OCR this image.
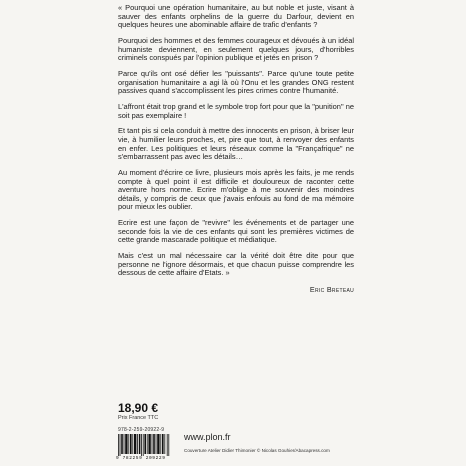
« Pourquoi une opération humanitaire, au but noble et juste, visant à sauver des enfants orphelins de la guerre du Darfour, devient en quelques heures une abominable affaire de trafic d'enfants ?

Pourquoi des hommes et des femmes courageux et dévoués à un idéal humaniste deviennent, en seulement quelques jours, d'horribles criminels conspués par l'opinion publique et jetés en prison ?

Parce qu'ils ont osé défier les "puissants". Parce qu'une toute petite organisation humanitaire a agi là où l'Onu et les grandes ONG restent passives quand s'accomplissent les pires crimes contre l'humanité.

L'affront était trop grand et le symbole trop fort pour que la "punition" ne soit pas exemplaire !

Et tant pis si cela conduit à mettre des innocents en prison, à briser leur vie, à humilier leurs proches, et, pire que tout, à renvoyer des enfants en enfer. Les politiques et leurs réseaux comme la "Françafrique" ne s'embarrassent pas avec les détails…

Au moment d'écrire ce livre, plusieurs mois après les faits, je me rends compte à quel point il est difficile et douloureux de raconter cette aventure hors norme. Ecrire m'oblige à me souvenir des moindres détails, y compris de ceux que j'avais enfouis au fond de ma mémoire pour mieux les oublier.

Ecrire est une façon de "revivre" les événements et de partager une seconde fois la vie de ces enfants qui sont les premières victimes de cette grande mascarade politique et médiatique.

Mais c'est un mal nécessaire car la vérité doit être dite pour que personne ne l'ignore désormais, et que chacun puisse comprendre les dessous de cette affaire d'Etats. »

Eric Breteau

18,90 €
Prix France TTC
978-2-259-20922-9
9 782259 209229
www.plon.fr
Couverture Atelier Didier Thimonier © Nicolas Gouhier/Abacapress.com
